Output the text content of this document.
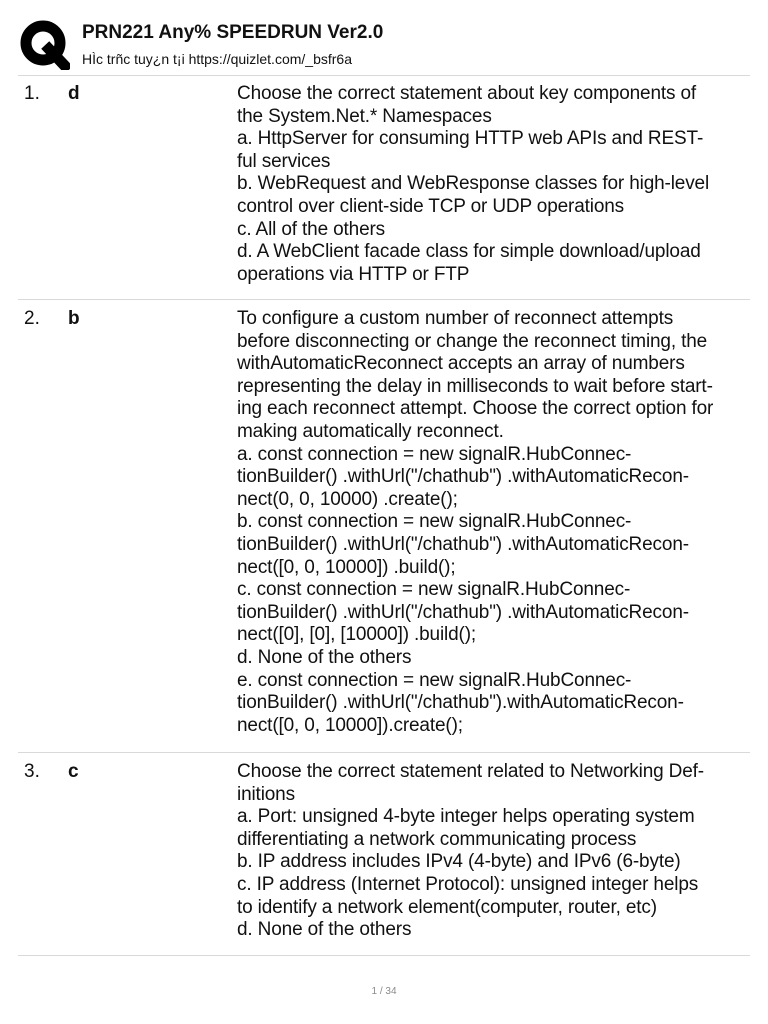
PRN221 Any% SPEEDRUN Ver2.0
HÌc trñc tuy¿n t¡i https://quizlet.com/_bsfr6a
1. d	Choose the correct statement about key components of
the System.Net.* Namespaces
a. HttpServer for consuming HTTP web APIs and REST-
ful services
b. WebRequest and WebResponse classes for high-level
control over client-side TCP or UDP operations
c. All of the others
d. A WebClient facade class for simple download/upload
operations via HTTP or FTP
2. b	To configure a custom number of reconnect attempts
before disconnecting or change the reconnect timing, the
withAutomaticReconnect accepts an array of numbers
representing the delay in milliseconds to wait before start-
ing each reconnect attempt. Choose the correct option for
making automatically reconnect.
a. const connection = new signalR.HubConnec-
tionBuilder() .withUrl("/chathub") .withAutomaticRecon-
nect(0, 0, 10000) .create();
b. const connection = new signalR.HubConnec-
tionBuilder() .withUrl("/chathub") .withAutomaticRecon-
nect([0, 0, 10000]) .build();
c. const connection = new signalR.HubConnec-
tionBuilder() .withUrl("/chathub") .withAutomaticRecon-
nect([0], [0], [10000]) .build();
d. None of the others
e. const connection = new signalR.HubConnec-
tionBuilder() .withUrl("/chathub").withAutomaticRecon-
nect([0, 0, 10000]).create();
3. c	Choose the correct statement related to Networking Def-
initions
a. Port: unsigned 4-byte integer helps operating system
differentiating a network communicating process
b. IP address includes IPv4 (4-byte) and IPv6 (6-byte)
c. IP address (Internet Protocol): unsigned integer helps
to identify a network element(computer, router, etc)
d. None of the others
1 / 34
